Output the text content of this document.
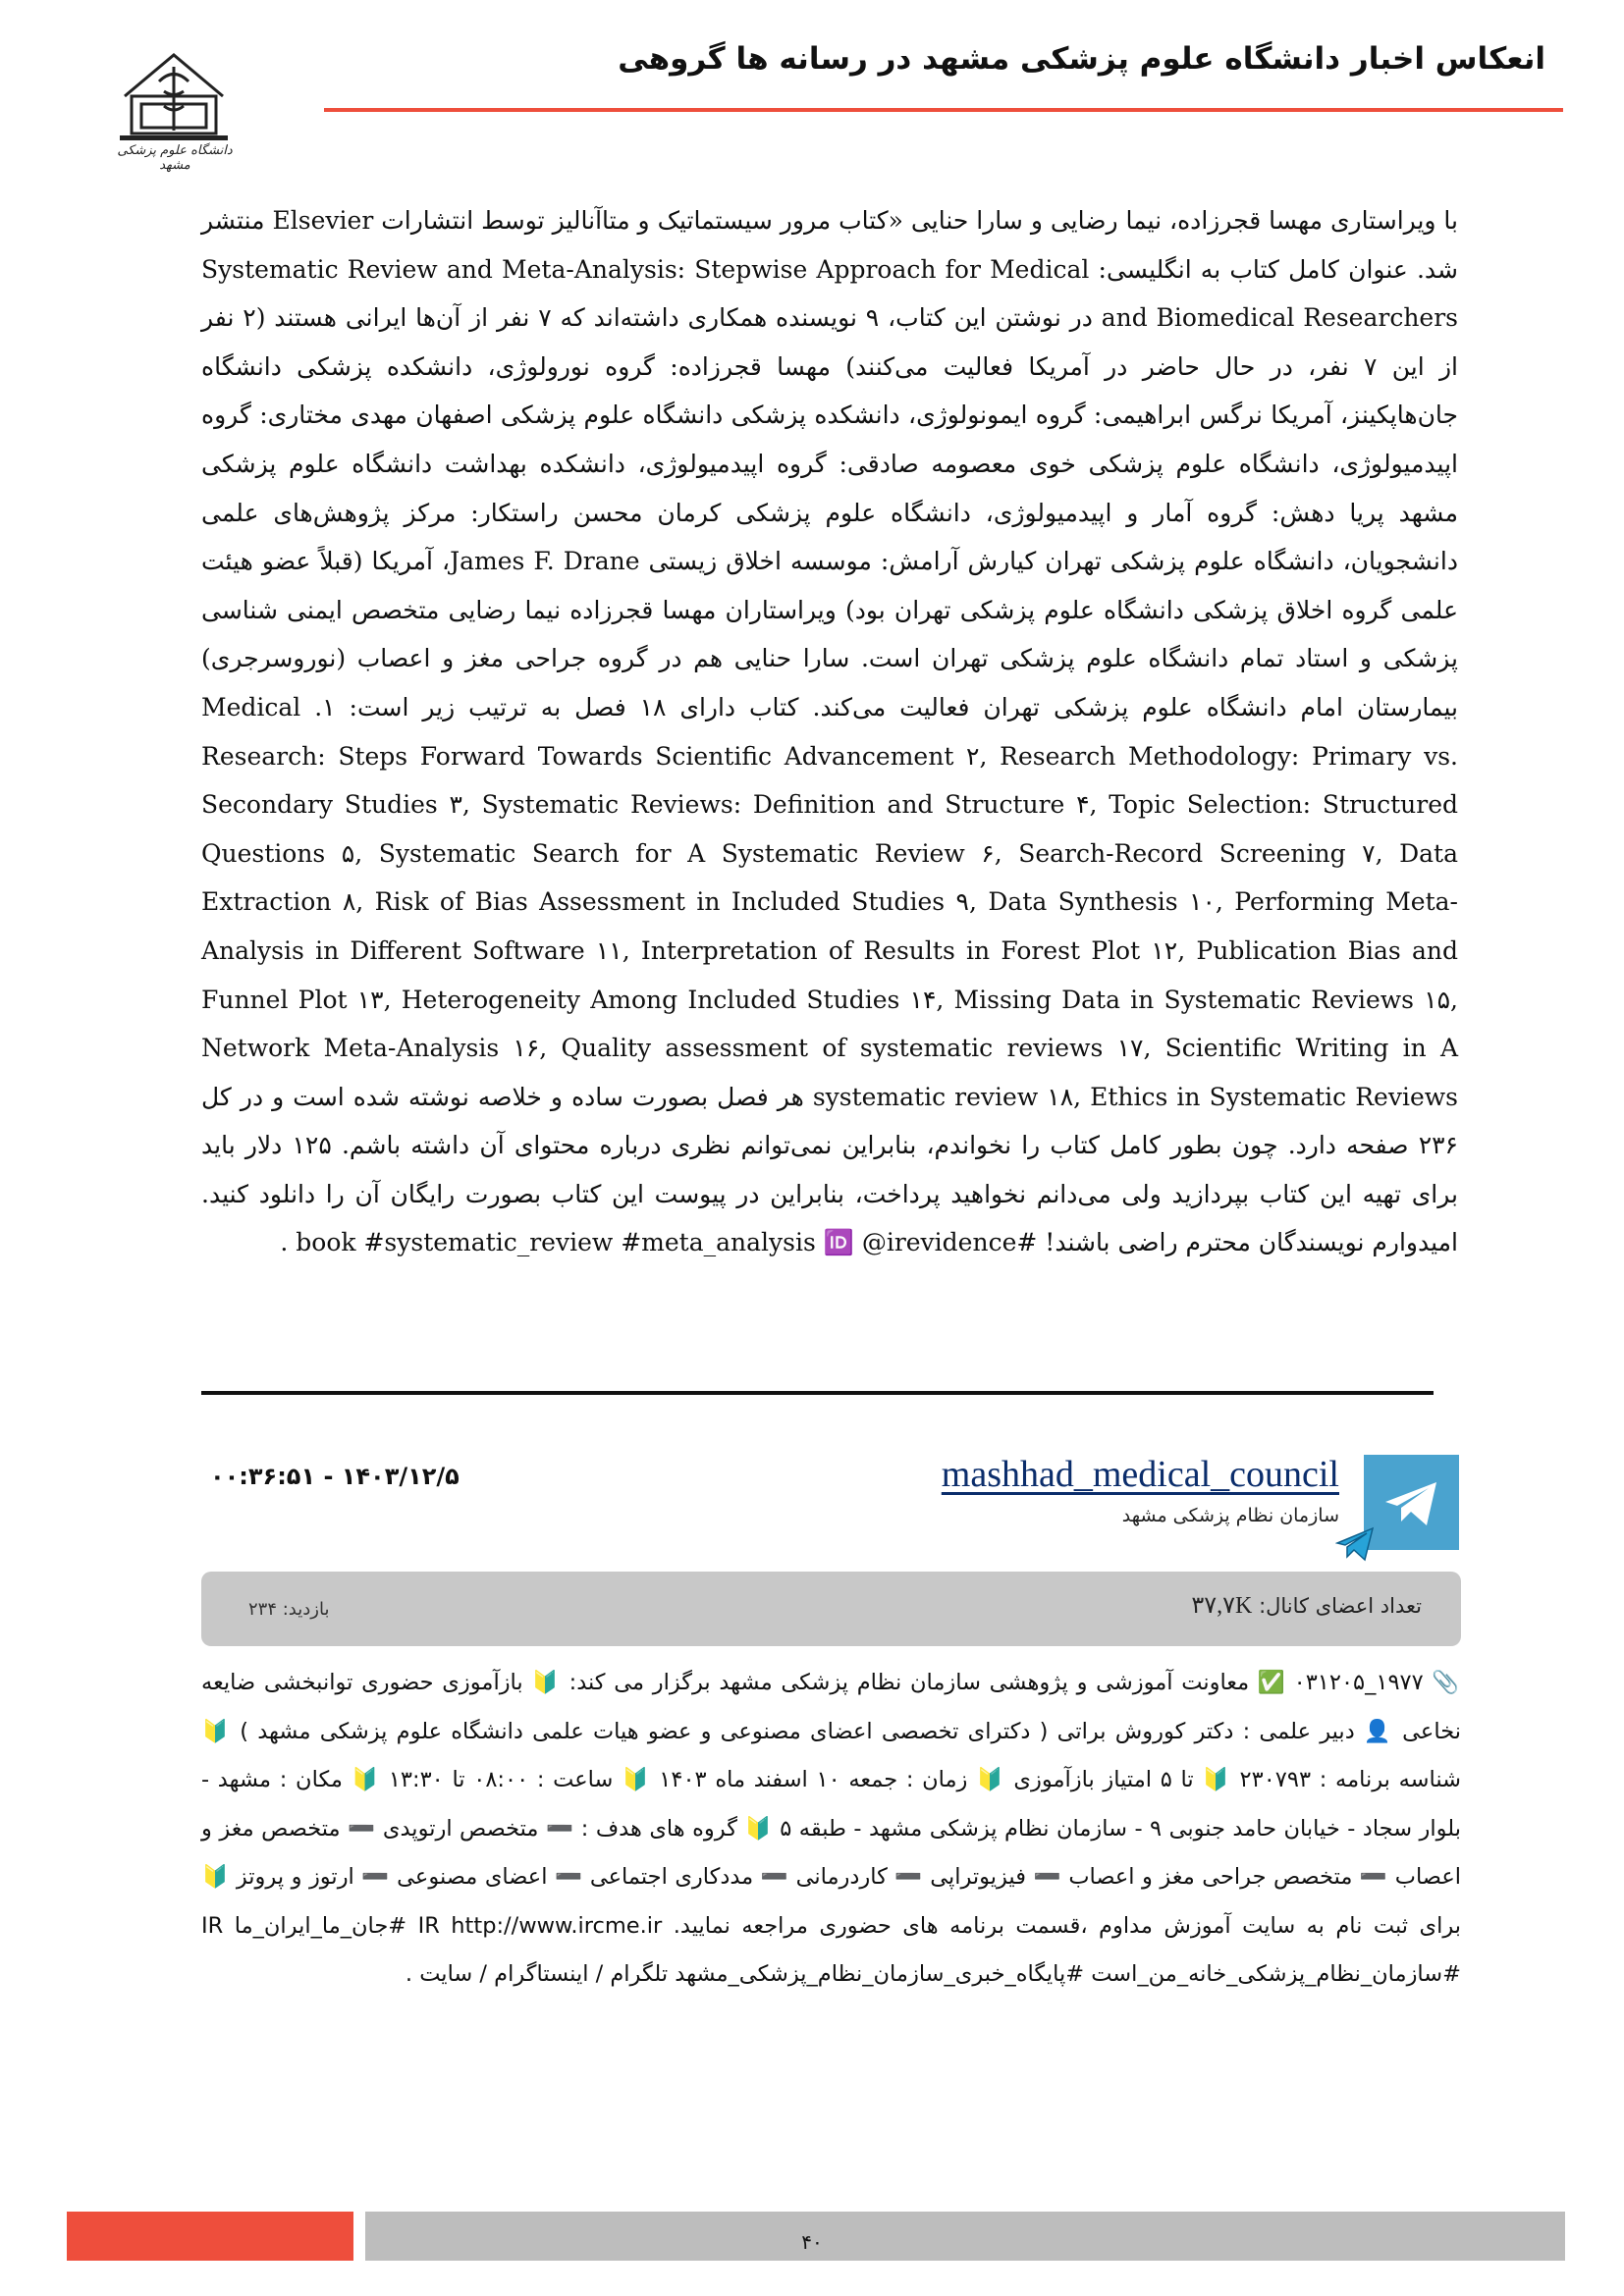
انعکاس اخبار دانشگاه علوم پزشکی مشهد در رسانه ها گروهی
دانشگاه علوم پزشکی مشهد

با ویراستاری مهسا قجرزاده، نیما رضایی و سارا حنایی «کتاب مرور سیستماتیک و متاآنالیز توسط انتشارات Elsevier منتشر شد. عنوان کامل کتاب به انگلیسی: Systematic Review and Meta-Analysis: Stepwise Approach for Medical and Biomedical Researchers در نوشتن این کتاب، ۹ نویسنده همکاری داشته‌اند که ۷ نفر از آن‌ها ایرانی هستند (۲ نفر از این ۷ نفر، در حال حاضر در آمریکا فعالیت می‌کنند) مهسا قجرزاده: گروه نورولوژی، دانشکده پزشکی دانشگاه جان‌هاپکینز، آمریکا نرگس ابراهیمی: گروه ایمونولوژی، دانشکده پزشکی دانشگاه علوم پزشکی اصفهان مهدی مختاری: گروه اپیدمیولوژی، دانشگاه علوم پزشکی خوی معصومه صادقی: گروه اپیدمیولوژی، دانشکده بهداشت دانشگاه علوم پزشکی مشهد پریا دهش: گروه آمار و اپیدمیولوژی، دانشگاه علوم پزشکی کرمان محسن راستکار: مرکز پژوهش‌های علمی دانشجویان، دانشگاه علوم پزشکی تهران کیارش آرامش: موسسه اخلاق زیستی James F. Drane، آمریکا (قبلاً عضو هیئت علمی گروه اخلاق پزشکی دانشگاه علوم پزشکی تهران بود) ویراستاران مهسا قجرزاده نیما رضایی متخصص ایمنی شناسی پزشکی و استاد تمام دانشگاه علوم پزشکی تهران است. سارا حنایی هم در گروه جراحی مغز و اعصاب (نوروسرجری) بیمارستان امام دانشگاه علوم پزشکی تهران فعالیت می‌کند. کتاب دارای ۱۸ فصل به ترتیب زیر است: ۱. Medical Research: Steps Forward Towards Scientific Advancement ۲, Research Methodology: Primary vs. Secondary Studies ۳, Systematic Reviews: Definition and Structure ۴, Topic Selection: Structured Questions ۵, Systematic Search for A Systematic Review ۶, Search-Record Screening ۷, Data Extraction ۸, Risk of Bias Assessment in Included Studies ۹, Data Synthesis ۱۰, Performing Meta-Analysis in Different Software ۱۱, Interpretation of Results in Forest Plot ۱۲, Publication Bias and Funnel Plot ۱۳, Heterogeneity Among Included Studies ۱۴, Missing Data in Systematic Reviews ۱۵, Network Meta-Analysis ۱۶, Quality assessment of systematic reviews ۱۷, Scientific Writing in A systematic review ۱۸, Ethics in Systematic Reviews هر فصل بصورت ساده و خلاصه نوشته شده است و در کل ۲۳۶ صفحه دارد. چون بطور کامل کتاب را نخواندم، بنابراین نمی‌توانم نظری درباره محتوای آن داشته باشم. ۱۲۵ دلار باید برای تهیه این کتاب بپردازید ولی می‌دانم نخواهید پرداخت، بنابراین در پیوست این کتاب بصورت رایگان آن را دانلود کنید. امیدوارم نویسندگان محترم راضی باشند! #book #systematic_review #meta_analysis 🆔 @irevidence .

mashhad_medical_council
سازمان نظام پزشکی مشهد
۰۰:۳۶:۵۱ - ۱۴۰۳/۱۲/۵
تعداد اعضای کانال: ۳۷,۷K
بازدید: ۲۳۴

📎 ۱۹۷۷_۰۳۱۲۰۵ ✅ معاونت آموزشی و پژوهشی سازمان نظام پزشکی مشهد برگزار می کند: 🔰 بازآموزی حضوری توانبخشی ضایعه نخاعی 👤 دبیر علمی : دکتر کوروش براتی ( دکترای تخصصی اعضای مصنوعی و عضو هیات علمی دانشگاه علوم پزشکی مشهد ) 🔰 شناسه برنامه : ۲۳۰۷۹۳ 🔰 تا ۵ امتیاز بازآموزی 🔰 زمان : جمعه ۱۰ اسفند ماه ۱۴۰۳ 🔰 ساعت : ۰۸:۰۰ تا ۱۳:۳۰ 🔰 مکان : مشهد - بلوار سجاد - خیابان حامد جنوبی ۹ - سازمان نظام پزشکی مشهد - طبقه ۵ 🔰 گروه های هدف : ➖ متخصص ارتوپدی ➖ متخصص مغز و اعصاب ➖ متخصص جراحی مغز و اعصاب ➖ فیزیوتراپی ➖ کاردرمانی ➖ مددکاری اجتماعی ➖ اعضای مصنوعی ➖ ارتوز و پروتز 🔰 برای ثبت نام به سایت آموزش مداوم ،قسمت برنامه های حضوری مراجعه نمایید. IR http://www.ircme.ir #جان_ما_ایران_ما IR #سازمان_نظام_پزشکی_خانه_من_است #پایگاه_خبری_سازمان_نظام_پزشکی_مشهد تلگرام / اینستاگرام / سایت .

۴۰
